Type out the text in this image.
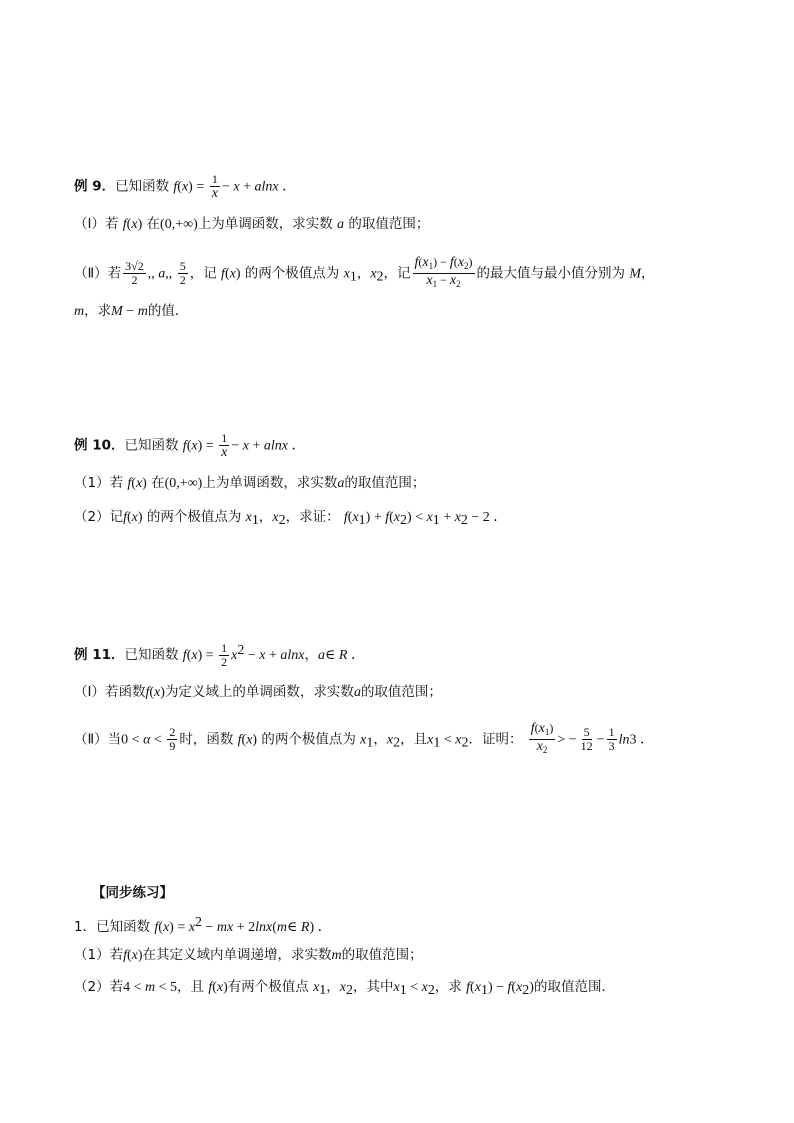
例 9．已知函数 $f(x) = \frac{1}{x} - x + alnx$ ．
（Ⅰ）若 f(x) 在(0,+∞)上为单调函数，求实数 a 的取值范围；
（Ⅱ）若 $\frac{3√2}{2}$ ,, a,, $\frac{5}{2}$ ，记 f(x) 的两个极值点为 $x_1$，$x_2$，记 $\frac{f(x_1) - f(x_2)}{x_1 - x_2}$ 的最大值与最小值分别为 M，
m，求M − m的值．
例 10．已知函数 $f(x) = \frac{1}{x} - x + alnx$ ．
（1）若 f(x) 在(0,+∞)上为单调函数，求实数a的取值范围；
（2）记f(x) 的两个极值点为 $x_1$，$x_2$，求证： $f(x_1) + f(x_2) < x_1 + x_2 - 2$ ．
例 11．已知函数 $f(x) = \frac{1}{2} x^2 - x + alnx$，a∈ R ．
（Ⅰ）若函数f(x)为定义域上的单调函数，求实数a的取值范围；
（Ⅱ）当$0 < \alpha < \frac{2}{9}$ 时，函数 f(x) 的两个极值点为 $x_1$，$x_2$，且$x_1 < x_2$．证明： $\frac{f(x_1)}{x_2}$ > − $\frac{5}{12} - \frac{1}{3} \ln 3$ ．
【同步练习】
1．已知函数 $f(x) = x^2$ − mx + 2lnx(m∈ R) ．
（1）若f(x)在其定义域内单调递增，求实数m的取值范围；
（2）若4 < m < 5，且 f(x)有两个极值点 $x_1$，$x_2$，其中$x_1 < x_2$，求 $f(x_1) - f(x_2)$的取值范围．
